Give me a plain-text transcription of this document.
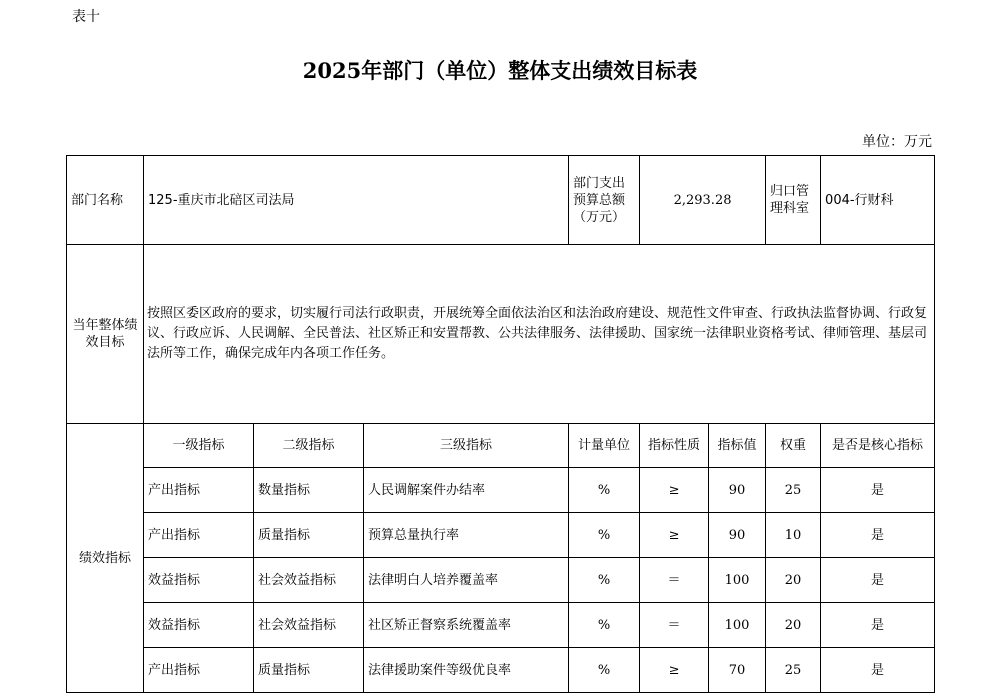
表十
2025年部门（单位）整体支出绩效目标表
单位：万元
部门名称	125-重庆市北碚区司法局			部门支出预算总额（万元）	2,293.28		归口管理科室	004-行财科
当年整体绩效目标	按照区委区政府的要求，切实履行司法行政职责，开展统筹全面依法治区和法治政府建设、规范性文件审查、行政执法监督协调、行政复议、行政应诉、人民调解、全民普法、社区矫正和安置帮教、公共法律服务、法律援助、国家统一法律职业资格考试、律师管理、基层司法所等工作，确保完成年内各项工作任务。							
绩效指标	一级指标	二级指标	三级指标	计量单位	指标性质	指标值	权重	是否是核心指标
	产出指标	数量指标	人民调解案件办结率	%	≥	90	25	是
	产出指标	质量指标	预算总量执行率	%	≥	90	10	是
	效益指标	社会效益指标	法律明白人培养覆盖率	%	＝	100	20	是
	效益指标	社会效益指标	社区矫正督察系统覆盖率	%	＝	100	20	是
	产出指标	质量指标	法律援助案件等级优良率	%	≥	70	25	是
